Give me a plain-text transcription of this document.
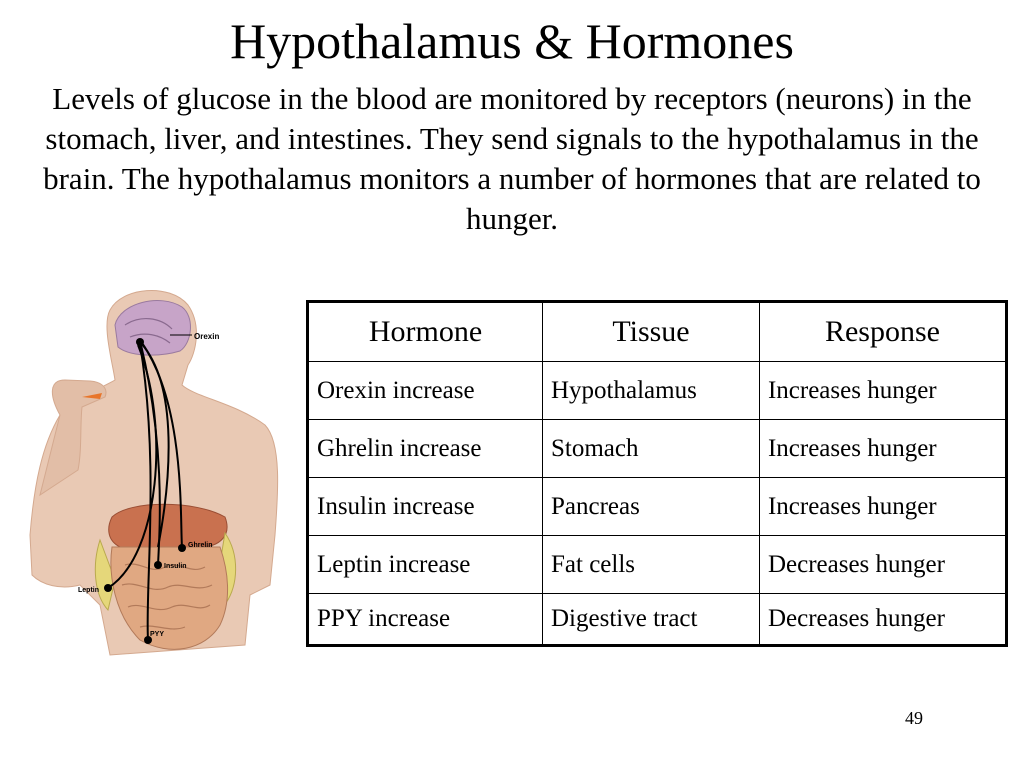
Hypothalamus & Hormones

Levels of glucose in the blood are monitored by receptors (neurons) in the stomach, liver, and intestines. They send signals to the hypothalamus in the brain. The hypothalamus monitors a number of hormones that are related to hunger.

Orexin
Ghrelin
Insulin
Leptin
PYY
Hormone	Tissue	Response
Orexin increase	Hypothalamus	Increases hunger
Ghrelin increase	Stomach	Increases hunger
Insulin increase	Pancreas	Increases hunger
Leptin increase	Fat cells	Decreases hunger
PPY increase	Digestive tract	Decreases hunger
49
